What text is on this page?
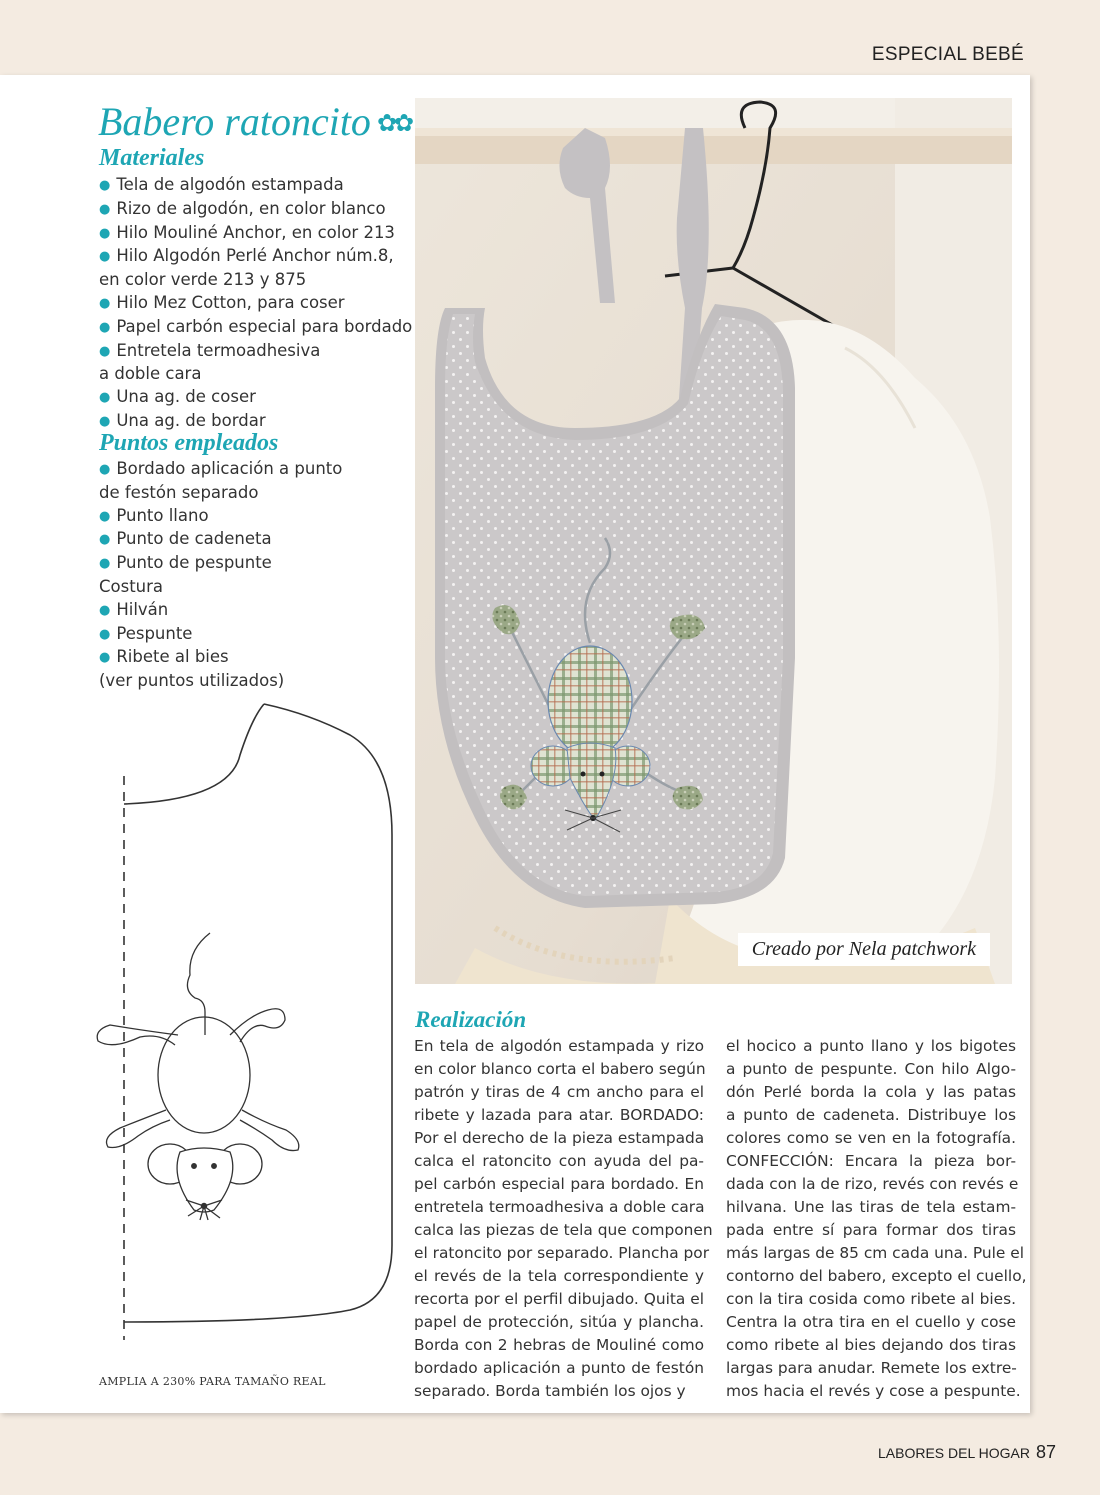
ESPECIAL BEBÉ
Babero ratoncito ✿✿
Materiales
● Tela de algodón estampada
● Rizo de algodón, en color blanco
● Hilo Mouliné Anchor, en color 213
● Hilo Algodón Perlé Anchor núm.8,
en color verde 213 y 875
● Hilo Mez Cotton, para coser
● Papel carbón especial para bordado
● Entretela termoadhesiva
a doble cara
● Una ag. de coser
● Una ag. de bordar
Puntos empleados
● Bordado aplicación a punto
de festón separado
● Punto llano
● Punto de cadeneta
● Punto de pespunte
Costura
● Hilván
● Pespunte
● Ribete al bies
(ver puntos utilizados)
Creado por Nela patchwork
AMPLIA A 230% PARA TAMAÑO REAL
Realización
En tela de algodón estampada y rizo
en color blanco corta el babero según
patrón y tiras de 4 cm ancho para el
ribete y lazada para atar. BORDADO:
Por el derecho de la pieza estampada
calca el ratoncito con ayuda del pa-
pel carbón especial para bordado. En
entretela termoadhesiva a doble cara
calca las piezas de tela que componen
el ratoncito por separado. Plancha por
el revés de la tela correspondiente y
recorta por el perfil dibujado. Quita el
papel de protección, sitúa y plancha.
Borda con 2 hebras de Mouliné como
bordado aplicación a punto de festón
separado. Borda también los ojos y
el hocico a punto llano y los bigotes
a punto de pespunte. Con hilo Algo-
dón Perlé borda la cola y las patas
a punto de cadeneta. Distribuye los
colores como se ven en la fotografía.
CONFECCIÓN: Encara la pieza bor-
dada con la de rizo, revés con revés e
hilvana. Une las tiras de tela estam-
pada entre sí para formar dos tiras
más largas de 85 cm cada una. Pule el
contorno del babero, excepto el cuello,
con la tira cosida como ribete al bies.
Centra la otra tira en el cuello y cose
como ribete al bies dejando dos tiras
largas para anudar. Remete los extre-
mos hacia el revés y cose a pespunte.
LABORES DEL HOGAR 87
